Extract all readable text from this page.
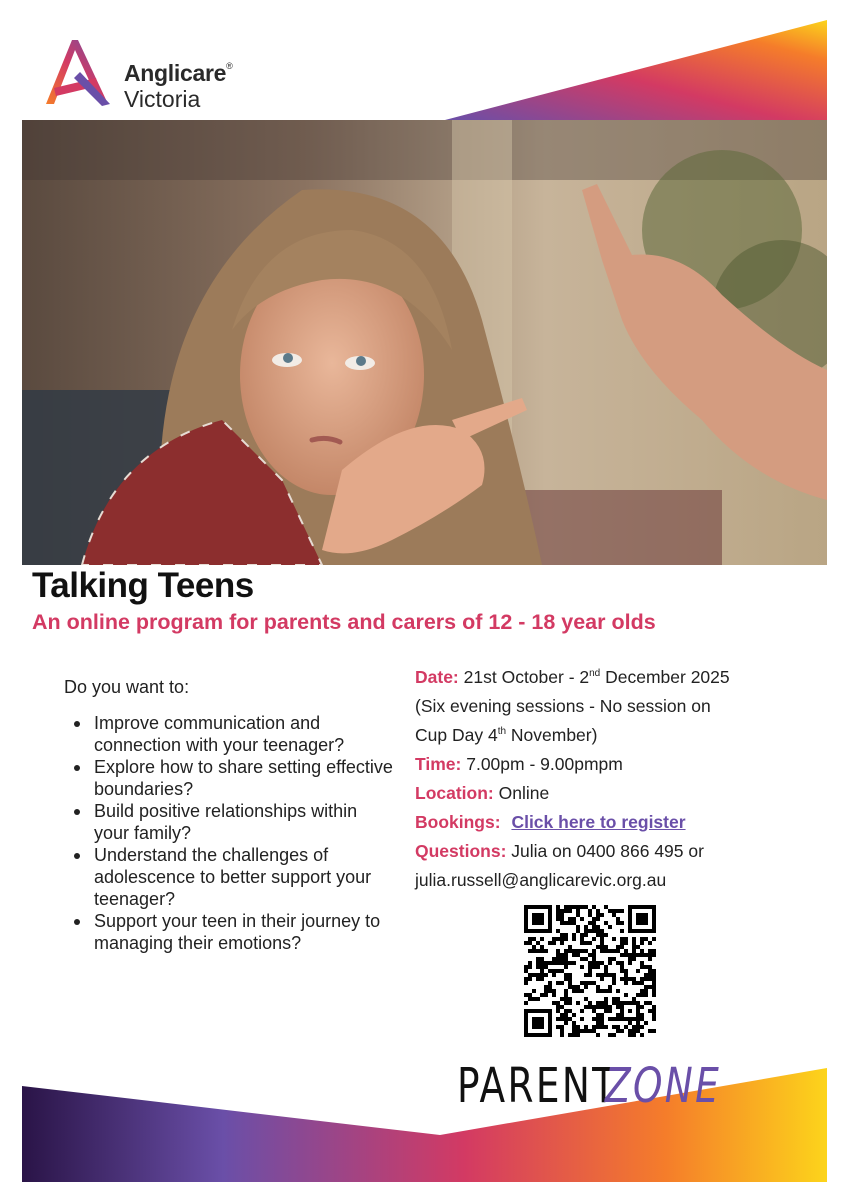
Anglicare®
Victoria
Talking Teens
An online program for parents and carers of 12 - 18 year olds

Do you want to:

Improve communication and connection with your teenager?
Explore how to share setting effective boundaries?
Build positive relationships within your family?
Understand the challenges of adolescence to better support your teenager?
Support your teen in their journey to managing their emotions?
Date: 21st October - 2nd December 2025
(Six evening sessions - No session on
Cup Day 4th November)
Time: 7.00pm - 9.00pmpm
Location: Online
Bookings: Click here to register
Questions: Julia on 0400 866 495 or
julia.russell@anglicarevic.org.au
PARENTZONE
